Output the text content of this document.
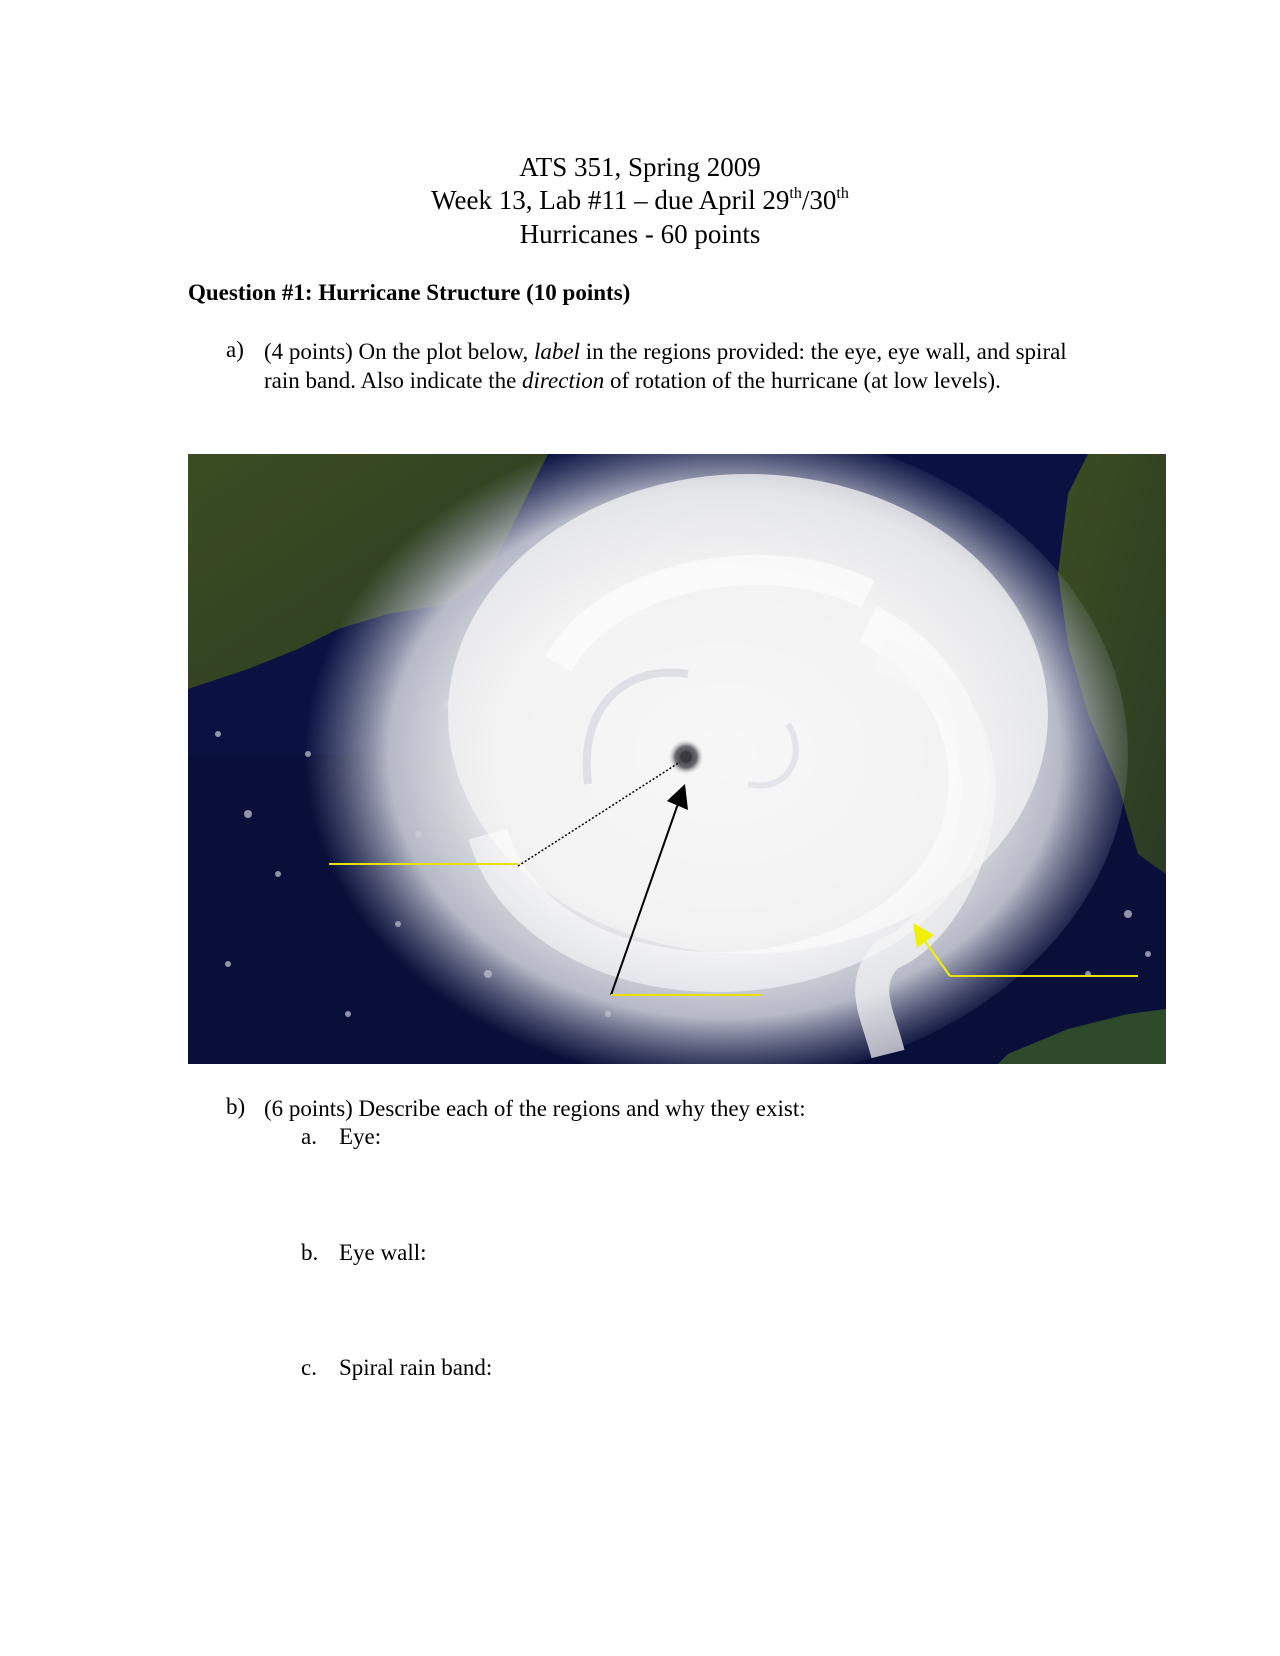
ATS 351, Spring 2009
Week 13, Lab #11 – due April 29th/30th
Hurricanes - 60 points
Question #1: Hurricane Structure (10 points)
a) (4 points) On the plot below, label in the regions provided: the eye, eye wall, and spiral rain band. Also indicate the direction of rotation of the hurricane (at low levels).
b) (6 points) Describe each of the regions and why they exist:
a. Eye:
b. Eye wall:
c. Spiral rain band:
